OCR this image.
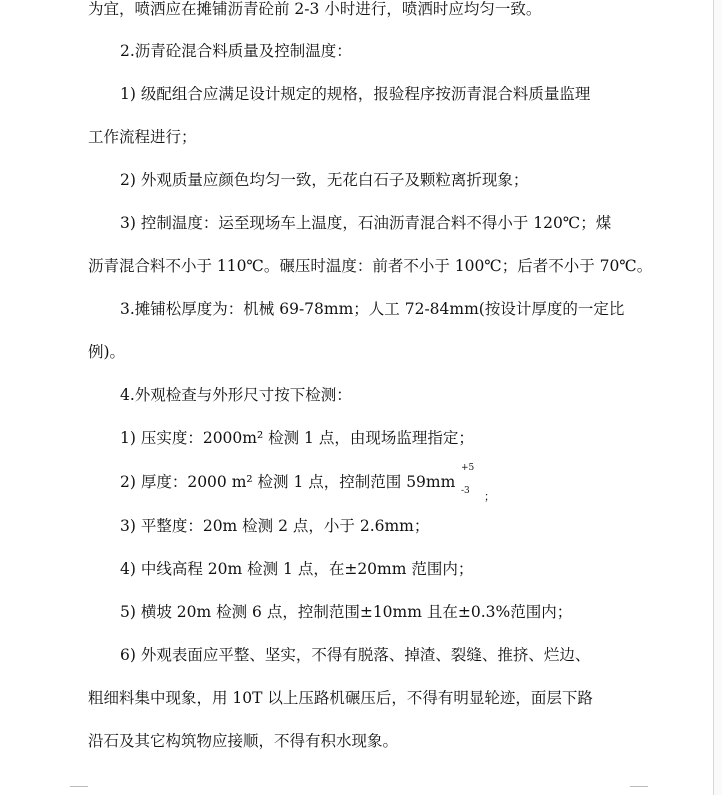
为宜，喷洒应在摊铺沥青砼前 2-3 小时进行，喷洒时应均匀一致。
2.沥青砼混合料质量及控制温度：
1) 级配组合应满足设计规定的规格，报验程序按沥青混合料质量监理
工作流程进行；
2) 外观质量应颜色均匀一致，无花白石子及颗粒离折现象；
3) 控制温度：运至现场车上温度，石油沥青混合料不得小于 120℃；煤
沥青混合料不小于 110℃。碾压时温度：前者不小于 100℃；后者不小于 70℃。
3.摊铺松厚度为：机械 69-78mm；人工 72-84mm(按设计厚度的一定比
例)。
4.外观检查与外形尺寸按下检测：
1) 压实度：2000m² 检测 1 点，由现场监理指定；
2) 厚度：2000 m² 检测 1 点，控制范围 59mm
+5
-3 ；
3) 平整度：20m 检测 2 点，小于 2.6mm；
4) 中线高程 20m 检测 1 点，在±20mm 范围内；
5) 横坡 20m 检测 6 点，控制范围±10mm 且在±0.3%范围内；
6) 外观表面应平整、坚实，不得有脱落、掉渣、裂缝、推挤、烂边、
粗细料集中现象，用 10T 以上压路机碾压后，不得有明显轮迹，面层下路
沿石及其它构筑物应接顺，不得有积水现象。
